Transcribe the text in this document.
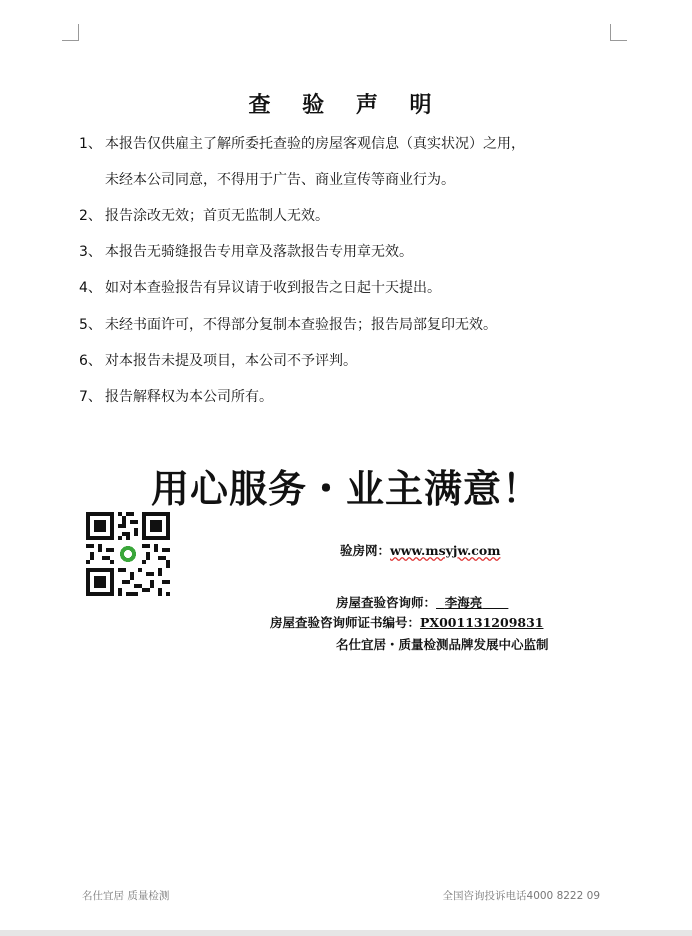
查 验 声 明
1、 本报告仅供雇主了解所委托查验的房屋客观信息（真实状况）之用，
未经本公司同意，不得用于广告、商业宣传等商业行为。
2、 报告涂改无效；首页无监制人无效。
3、 本报告无骑缝报告专用章及落款报告专用章无效。
4、 如对本查验报告有异议请于收到报告之日起十天提出。
5、 未经书面许可，不得部分复制本查验报告；报告局部复印无效。
6、 对本报告未提及项目，本公司不予评判。
7、 报告解释权为本公司所有。
用心服务・业主满意！
验房网：www.msyjw.com
房屋查验咨询师： 李海亮
房屋查验咨询师证书编号：PX001131209831
名仕宜居・质量检测品牌发展中心监制
名仕宜居 质量检测	全国咨询投诉电话4000 8222 09
